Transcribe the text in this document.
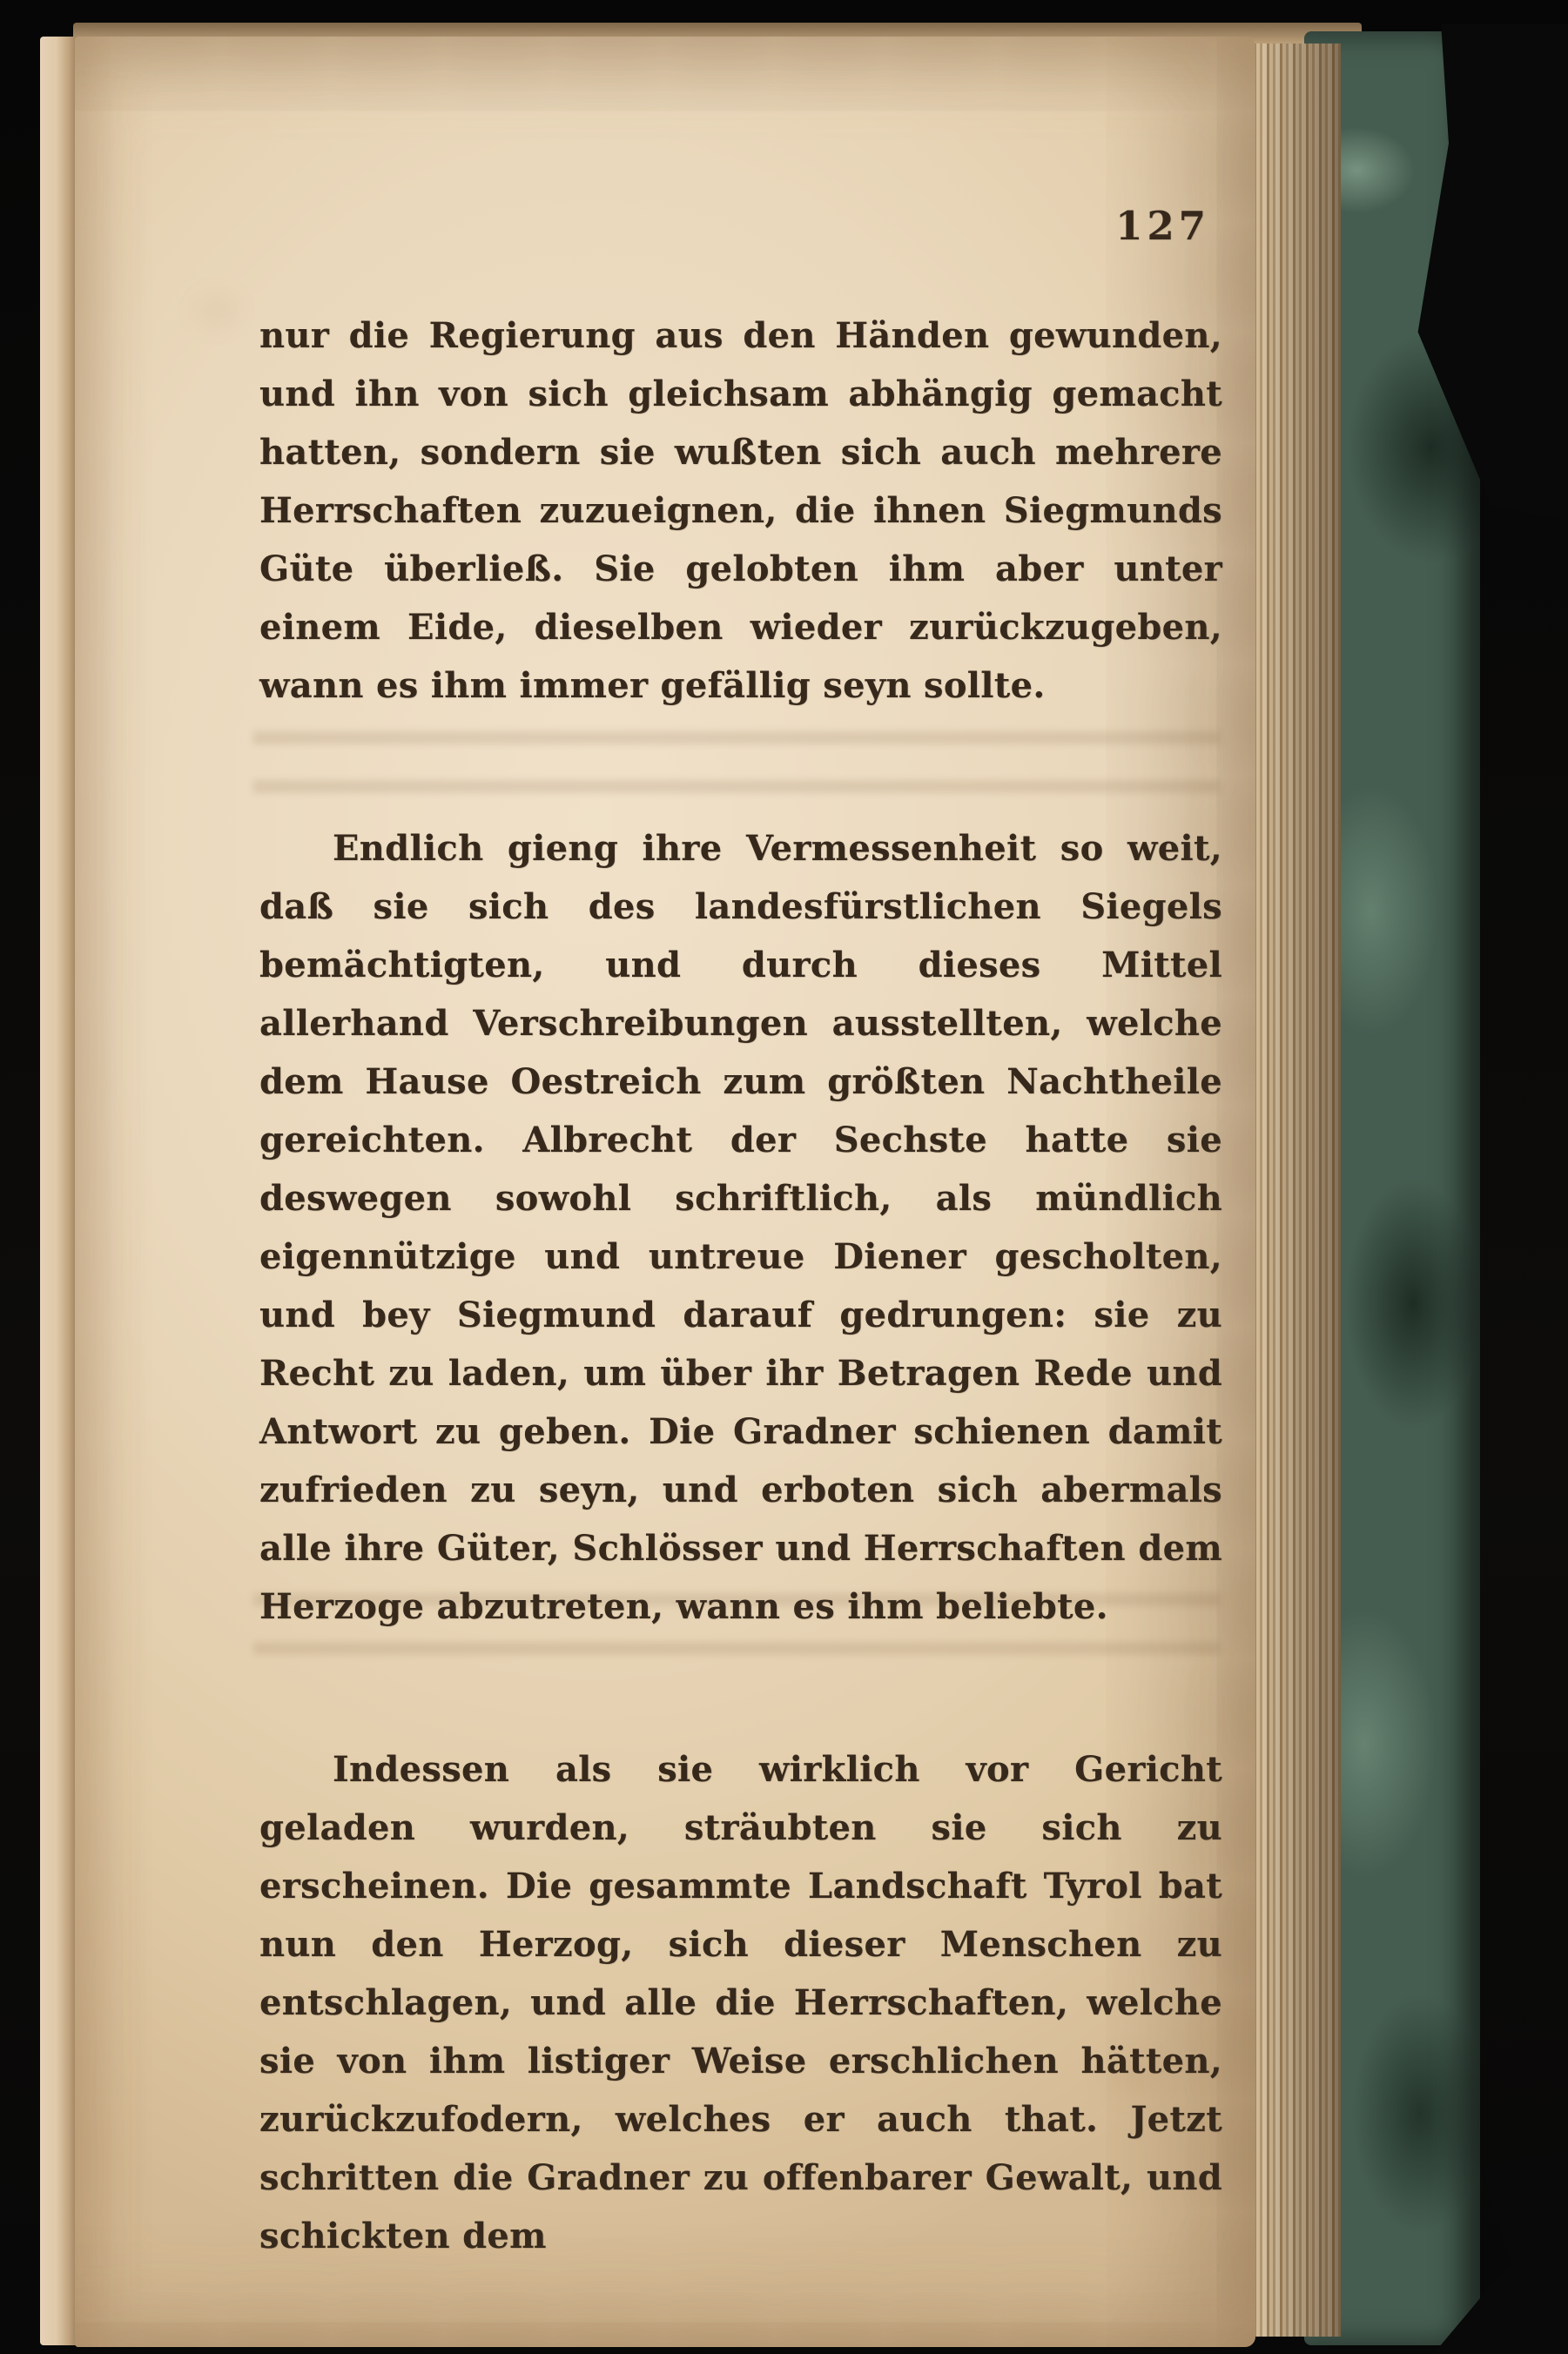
127

nur die Regierung aus den Händen gewunden, und ihn von sich gleichsam abhängig gemacht hatten, sondern sie wußten sich auch mehrere Herrschaften zuzueignen, die ihnen Siegmunds Güte überließ. Sie gelobten ihm aber unter einem Eide, dieselben wieder zurückzugeben, wann es ihm immer gefällig seyn sollte.

Endlich gieng ihre Vermessenheit so weit, daß sie sich des landesfürstlichen Siegels bemächtigten, und durch dieses Mittel allerhand Verschreibungen ausstellten, welche dem Hause Oestreich zum größten Nachtheile gereichten. Albrecht der Sechste hatte sie deswegen sowohl schriftlich, als mündlich eigennützige und untreue Diener gescholten, und bey Siegmund darauf gedrungen: sie zu Recht zu laden, um über ihr Betragen Rede und Antwort zu geben. Die Gradner schienen damit zufrieden zu seyn, und erboten sich abermals alle ihre Güter, Schlösser und Herrschaften dem Herzoge abzutreten, wann es ihm beliebte.

Indessen als sie wirklich vor Gericht geladen wurden, sträubten sie sich zu erscheinen. Die gesammte Landschaft Tyrol bat nun den Herzog, sich dieser Menschen zu entschlagen, und alle die Herrschaften, welche sie von ihm listiger Weise erschlichen hätten, zurückzufodern, welches er auch that. Jetzt schritten die Gradner zu offenbarer Gewalt, und schickten dem
